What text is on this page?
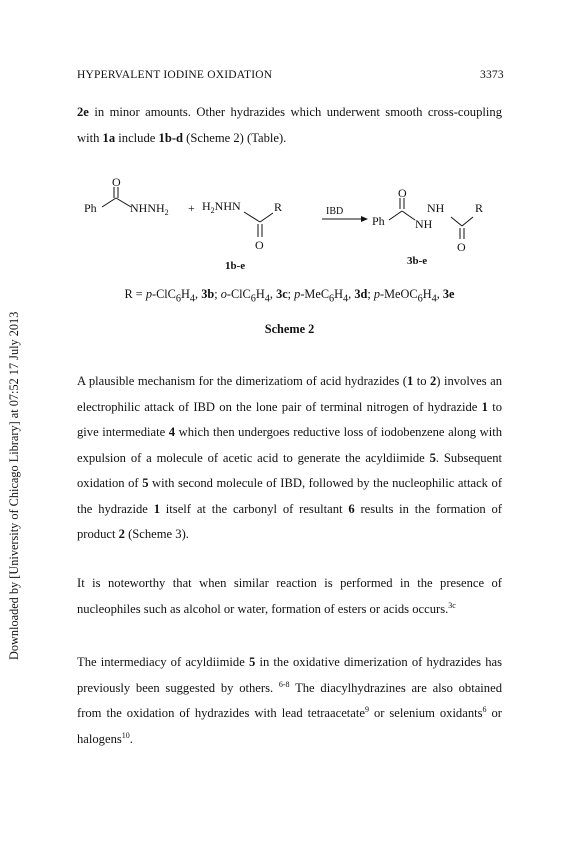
HYPERVALENT IODINE OXIDATION	3373
Downloaded by [University of Chicago Library] at 07:52 17 July 2013

2e in minor amounts. Other hydrazides which underwent smooth cross-coupling with 1a include 1b-d (Scheme 2) (Table).

Ph
O
$NHNH_2 + H_2NHN$	R
O
IBD
Ph
O
NH
NH
R
O
1b-e	3b-e
$R = p-ClC_6H_4$, 3b; $o-ClC_6H_4$, 3c; $p-MeC_6H_4$, 3d; $p-MeOC_6H_4$, 3e
Scheme 2

A plausible mechanism for the dimerizatiom of acid hydrazides (1 to 2) involves an electrophilic attack of IBD on the lone pair of terminal nitrogen of hydrazide 1 to give intermediate 4 which then undergoes reductive loss of iodobenzene along with expulsion of a molecule of acetic acid to generate the acyldiimide 5. Subsequent oxidation of 5 with second molecule of IBD, followed by the nucleophilic attack of the hydrazide 1 itself at the carbonyl of resultant 6 results in the formation of product 2 (Scheme 3).

It is noteworthy that when similar reaction is performed in the presence of nucleophiles such as alcohol or water, formation of esters or acids occurs.$^{3c}$

The intermediacy of acyldiimide 5 in the oxidative dimerization of hydrazides has previously been suggested by others. $^{6-8}$ The diacylhydrazines are also obtained from the oxidation of hydrazides with lead tetraacetate$^9$ or selenium oxidants$^6$ or halogens$^{10}$.
